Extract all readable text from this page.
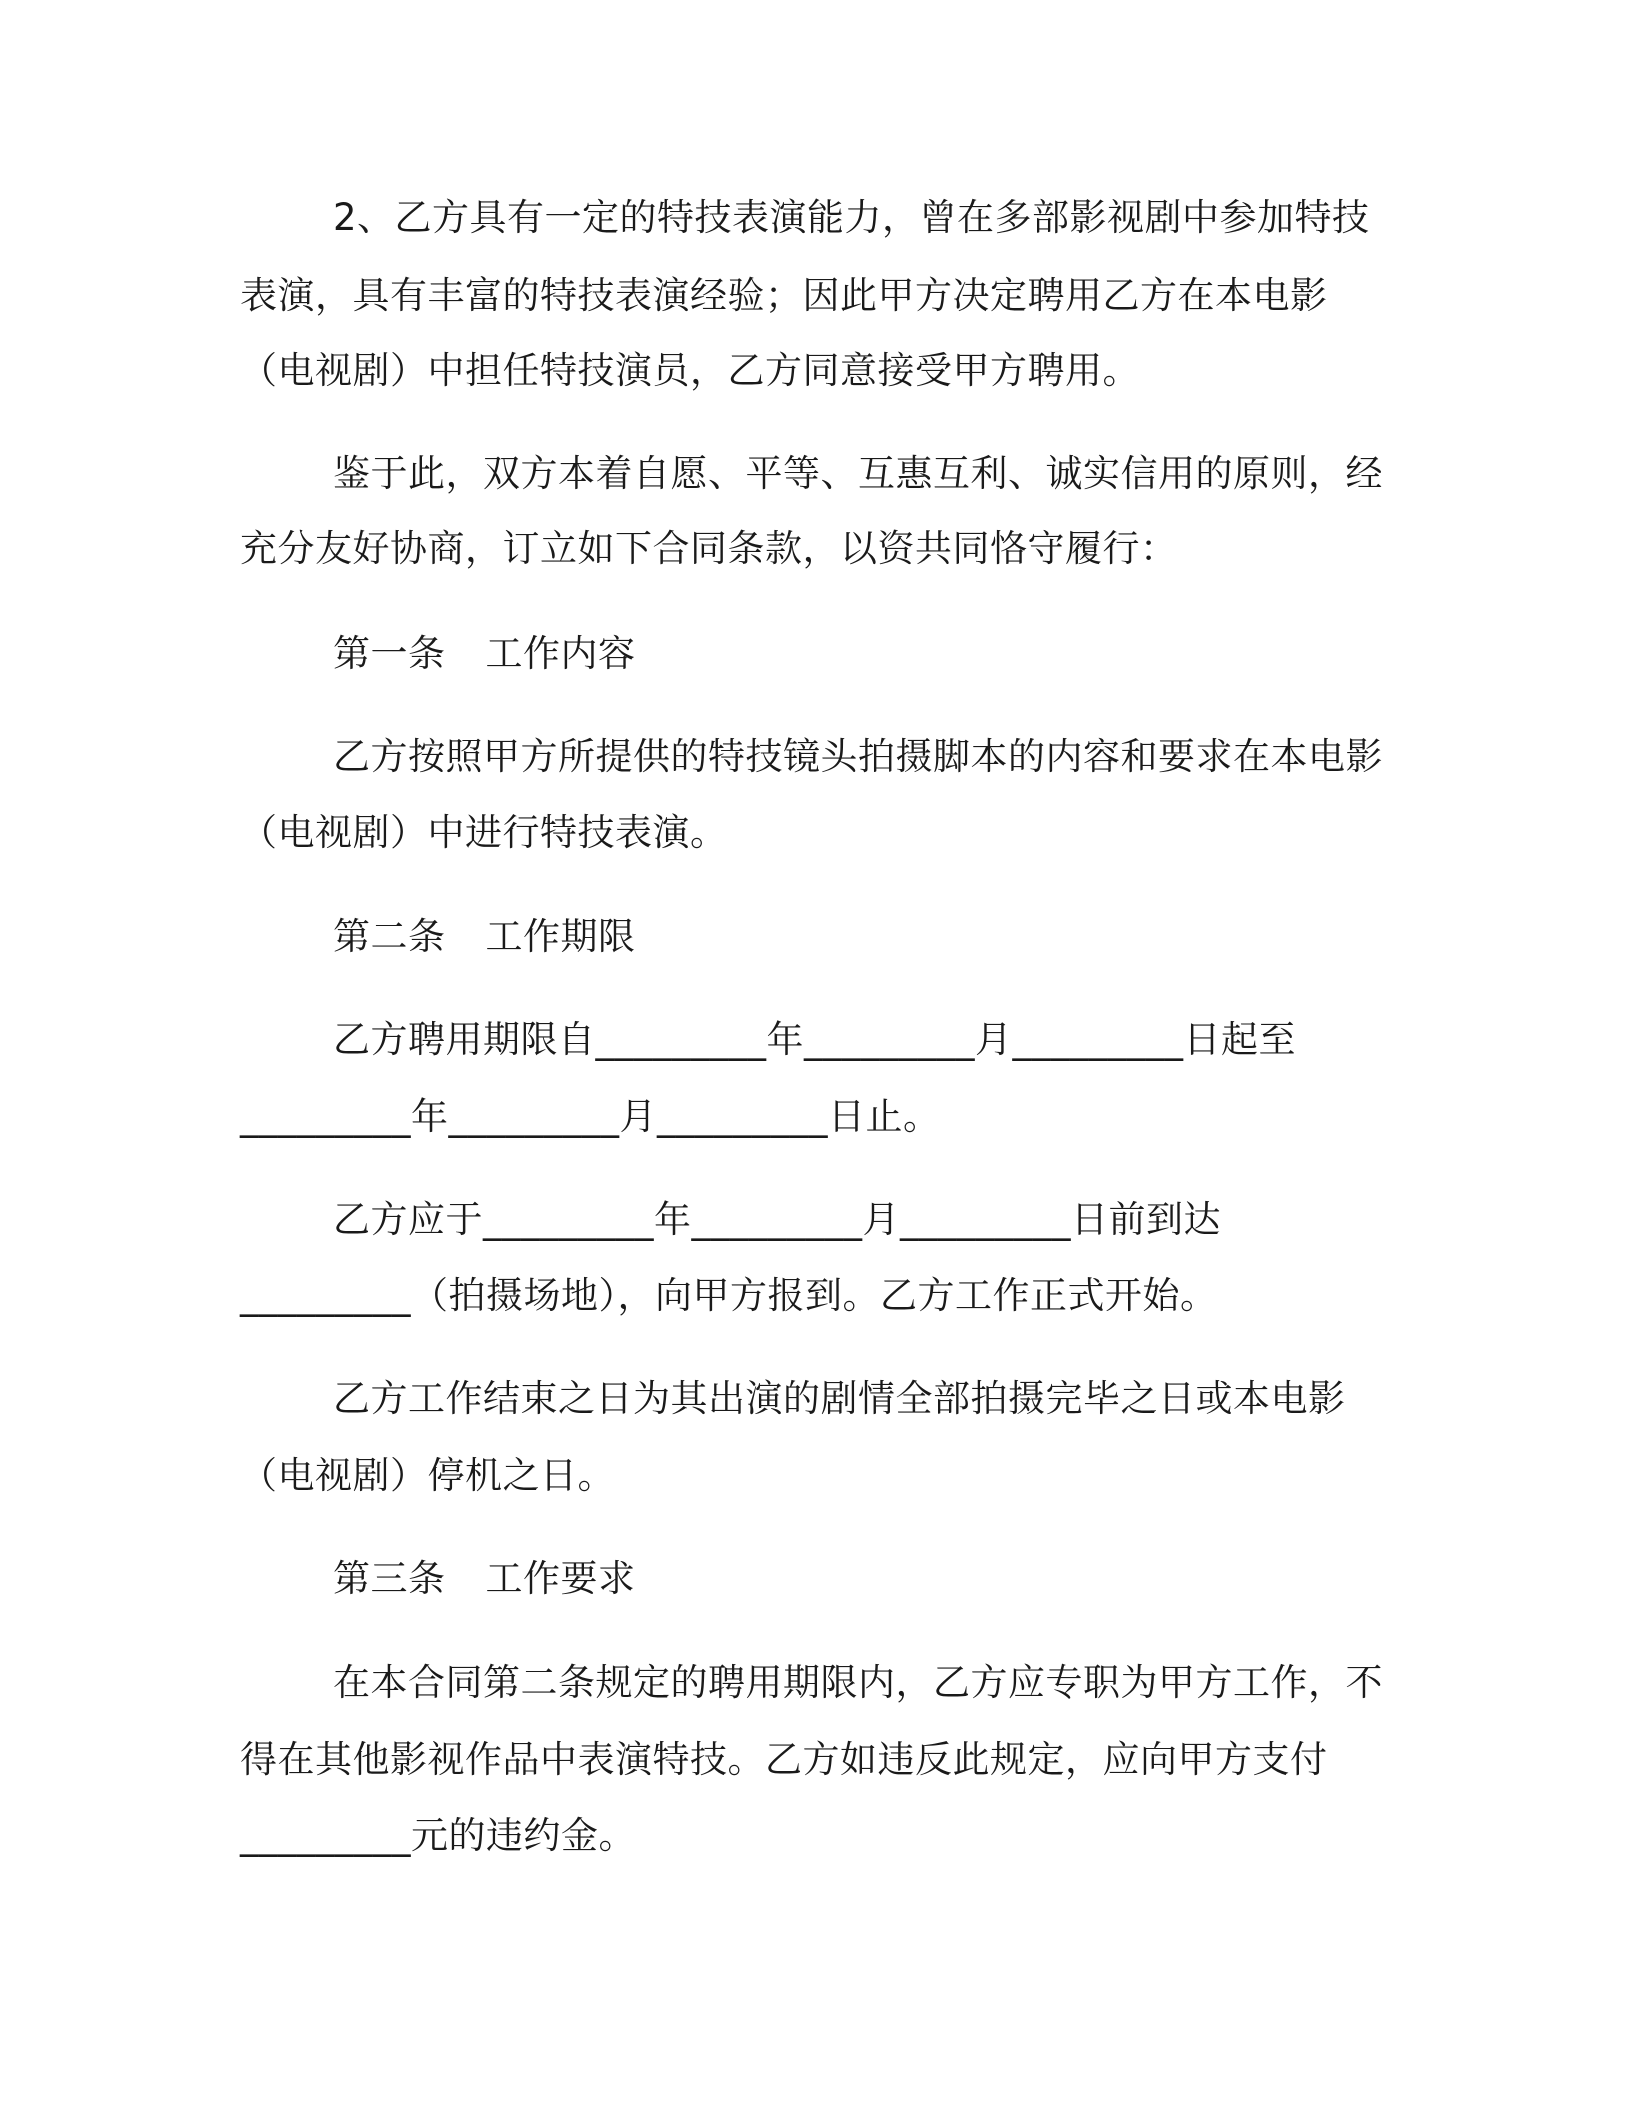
2、乙方具有一定的特技表演能力，曾在多部影视剧中参加特技
表演，具有丰富的特技表演经验；因此甲方决定聘用乙方在本电影
（电视剧）中担任特技演员，乙方同意接受甲方聘用。
鉴于此，双方本着自愿、平等、互惠互利、诚实信用的原则，经
充分友好协商，订立如下合同条款，以资共同恪守履行：
第一条 工作内容
乙方按照甲方所提供的特技镜头拍摄脚本的内容和要求在本电影
（电视剧）中进行特技表演。
第二条 工作期限
乙方聘用期限自_________年_________月_________日起至
_________年_________月_________日止。
乙方应于_________年_________月_________日前到达
_________（拍摄场地），向甲方报到。乙方工作正式开始。
乙方工作结束之日为其出演的剧情全部拍摄完毕之日或本电影
（电视剧）停机之日。
第三条 工作要求
在本合同第二条规定的聘用期限内，乙方应专职为甲方工作，不
得在其他影视作品中表演特技。乙方如违反此规定，应向甲方支付
_________元的违约金。
